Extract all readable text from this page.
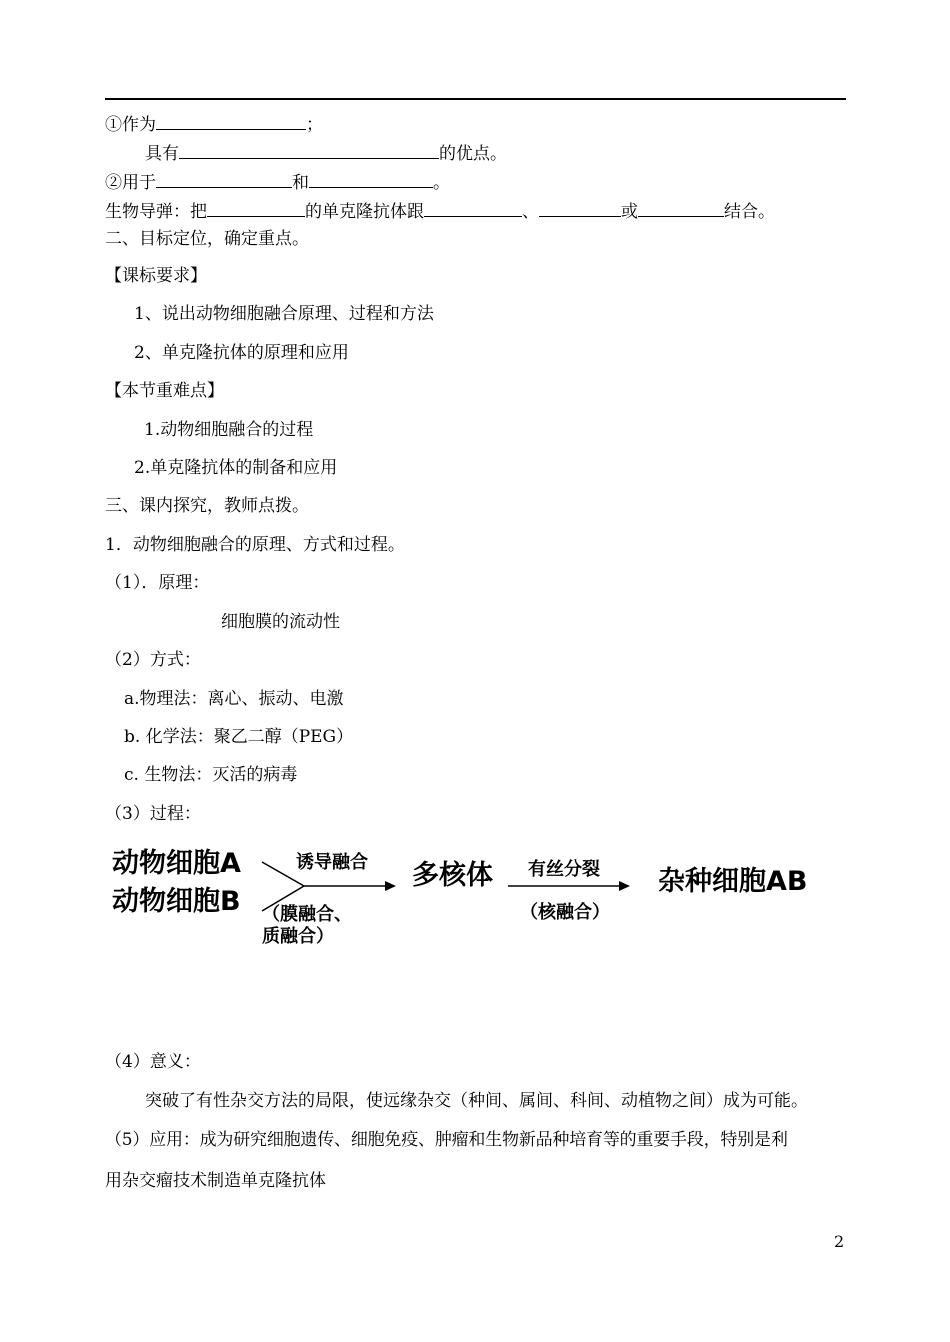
①作为	；
具有	的优点。
②用于	和	。
生物导弹：把	的单克隆抗体跟	、	或	结合。
二、目标定位，确定重点。
【课标要求】
1、说出动物细胞融合原理、过程和方法
2、单克隆抗体的原理和应用
【本节重难点】
1.动物细胞融合的过程
2.单克隆抗体的制备和应用
三、课内探究，教师点拨。
1．动物细胞融合的原理、方式和过程。
（1）．原理：
细胞膜的流动性
（2）方式：
a.物理法：离心、振动、电激
b. 化学法：聚乙二醇（PEG）
c. 生物法：灭活的病毒
（3）过程：
动物细胞A
动物细胞B
诱导融合
（膜融合、
质融合）
多核体 有丝分裂
（核融合）
杂种细胞AB
（4）意义：
突破了有性杂交方法的局限，使远缘杂交（种间、属间、科间、动植物之间）成为可能。
（5）应用：成为研究细胞遗传、细胞免疫、肿瘤和生物新品种培育等的重要手段，特别是利
用杂交瘤技术制造单克隆抗体
2
